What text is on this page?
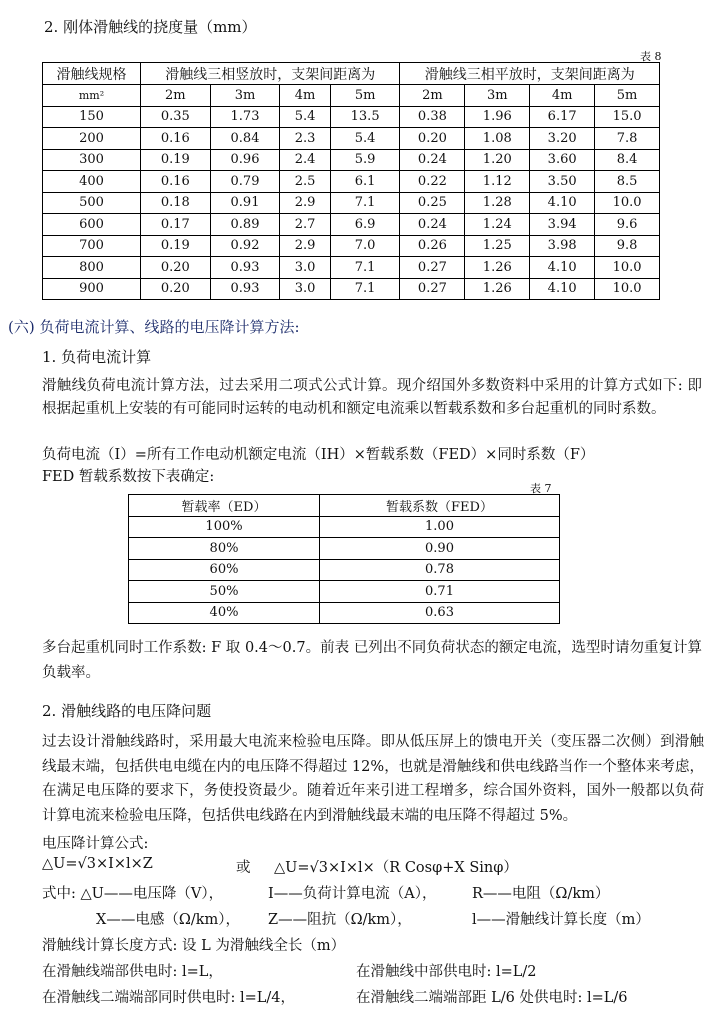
2. 刚体滑触线的挠度量（mm）
表 8
滑触线规格	滑触线三相竖放时，支架间距离为				滑触线三相平放时，支架间距离为			
mm²	2m	3m	4m	5m	2m	3m	4m	5m
150	0.35	1.73	5.4	13.5	0.38	1.96	6.17	15.0
200	0.16	0.84	2.3	5.4	0.20	1.08	3.20	7.8
300	0.19	0.96	2.4	5.9	0.24	1.20	3.60	8.4
400	0.16	0.79	2.5	6.1	0.22	1.12	3.50	8.5
500	0.18	0.91	2.9	7.1	0.25	1.28	4.10	10.0
600	0.17	0.89	2.7	6.9	0.24	1.24	3.94	9.6
700	0.19	0.92	2.9	7.0	0.26	1.25	3.98	9.8
800	0.20	0.93	3.0	7.1	0.27	1.26	4.10	10.0
900	0.20	0.93	3.0	7.1	0.27	1.26	4.10	10.0
(六) 负荷电流计算、线路的电压降计算方法:
1. 负荷电流计算

滑触线负荷电流计算方法，过去采用二项式公式计算。现介绍国外多数资料中采用的计算方式如下: 即根据起重机上安装的有可能同时运转的电动机和额定电流乘以暂载系数和多台起重机的同时系数。

负荷电流（I）=所有工作电动机额定电流（IH）×暂载系数（FED）×同时系数（F）
FED 暂载系数按下表确定:
表 7
暂载率（ED）	暂载系数（FED）
100%	1.00
80%	0.90
60%	0.78
50%	0.71
40%	0.63

多台起重机同时工作系数: F 取 0.4～0.7。前表 已列出不同负荷状态的额定电流，选型时请勿重复计算负载率。

2. 滑触线路的电压降问题

过去设计滑触线路时，采用最大电流来检验电压降。即从低压屏上的馈电开关（变压器二次侧）到滑触线最末端，包括供电电缆在内的电压降不得超过 12%，也就是滑触线和供电线路当作一个整体来考虑，在满足电压降的要求下，务使投资最少。随着近年来引进工程增多，综合国外资料，国外一般都以负荷计算电流来检验电压降，包括供电线路在内到滑触线最末端的电压降不得超过 5%。

电压降计算公式:
△U=√3×I×l×Z	或 △U=√3×I×l×（R Cosφ+X Sinφ）
式中: △U——电压降（V），	I——负荷计算电流（A）， R——电阻（Ω/km）
X——电感（Ω/km）， Z——阻抗（Ω/km），	l——滑触线计算长度（m）
滑触线计算长度方式: 设 L 为滑触线全长（m）
在滑触线端部供电时: l=L，	在滑触线中部供电时: l=L/2
在滑触线二端端部同时供电时: l=L/4，	在滑触线二端端部距 L/6 处供电时: l=L/6
